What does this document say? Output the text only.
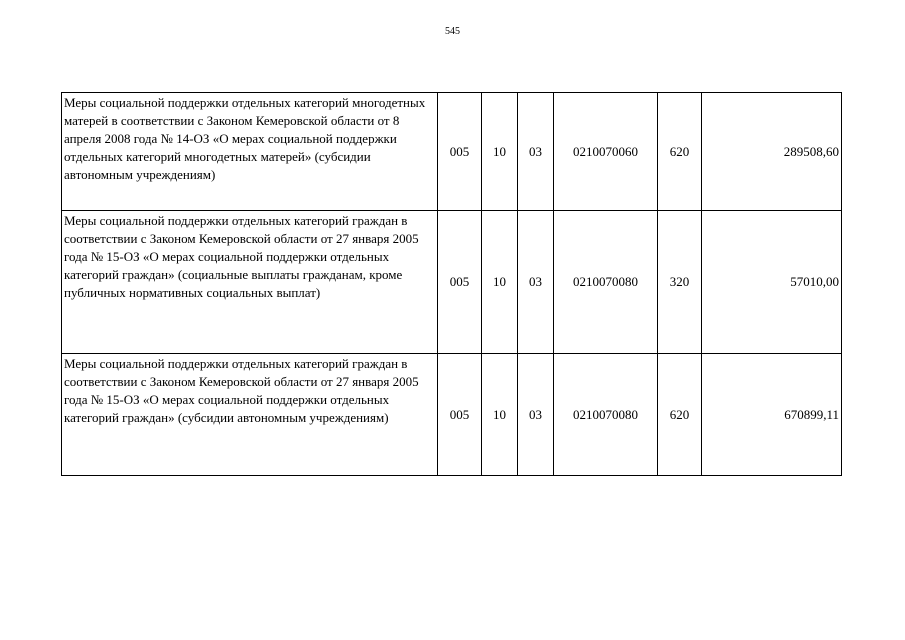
545
Меры социальной поддержки отдельных категорий многодетных матерей в соответствии с Законом Кемеровской области от 8 апреля 2008 года № 14-ОЗ «О мерах социальной поддержки отдельных категорий многодетных матерей» (субсидии автономным учреждениям)	005	10	03	0210070060	620	289508,60
Меры социальной поддержки отдельных категорий граждан в соответствии с Законом Кемеровской области от 27 января 2005 года № 15-ОЗ «О мерах социальной поддержки отдельных категорий граждан» (социальные выплаты гражданам, кроме публичных нормативных социальных выплат)	005	10	03	0210070080	320	57010,00
Меры социальной поддержки отдельных категорий граждан в соответствии с Законом Кемеровской области от 27 января 2005 года № 15-ОЗ «О мерах социальной поддержки отдельных категорий граждан» (субсидии автономным учреждениям)	005	10	03	0210070080	620	670899,11
